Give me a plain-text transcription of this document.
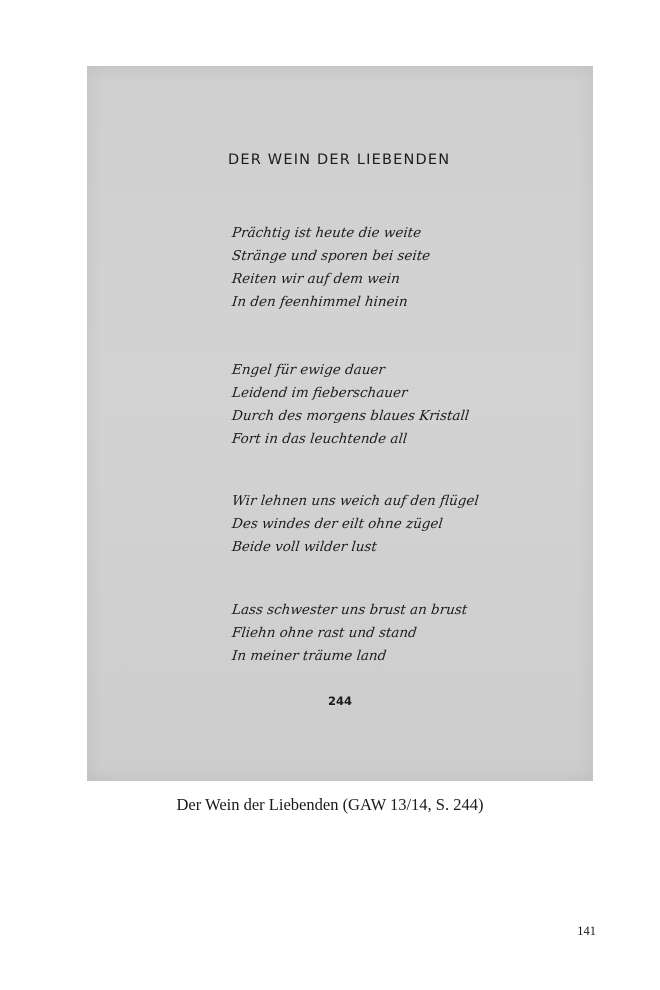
DER WEIN DER LIEBENDEN
Prächtig ist heute die weite
Stränge und sporen bei seite
Reiten wir auf dem wein
In den feenhimmel hinein
Engel für ewige dauer
Leidend im fieberschauer
Durch des morgens blaues Kristall
Fort in das leuchtende all
Wir lehnen uns weich auf den flügel
Des windes der eilt ohne zügel
Beide voll wilder lust
Lass schwester uns brust an brust
Fliehn ohne rast und stand
In meiner träume land
244
Der Wein der Liebenden (GAW 13/14, S. 244)
141
